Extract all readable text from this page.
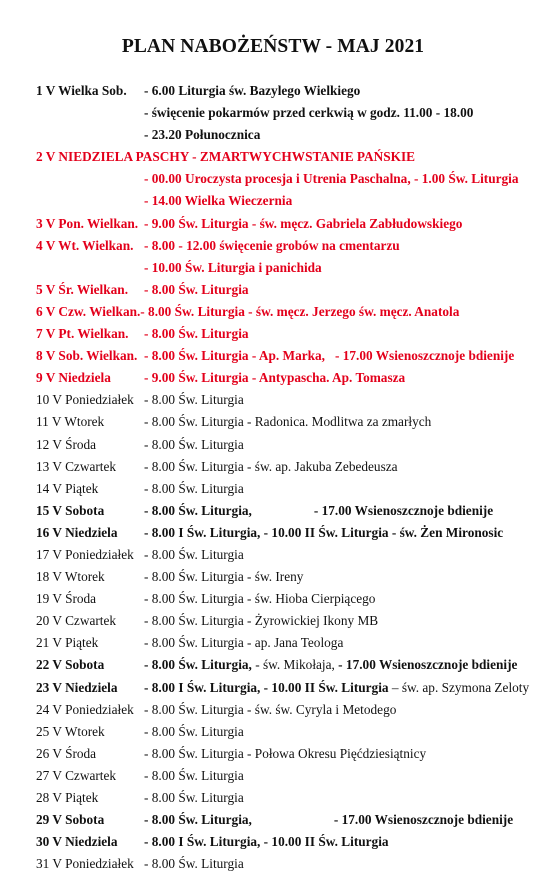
PLAN NABOŻEŃSTW - MAJ 2021
1 V Wielka Sob. - 6.00 Liturgia św. Bazylego Wielkiego
- święcenie pokarmów przed cerkwią w godz. 11.00 - 18.00
- 23.20 Połunocznica
2 V NIEDZIELA PASCHY - ZMARTWYCHWSTANIE PAŃSKIE
- 00.00 Uroczysta procesja i Utrenia Paschalna, - 1.00 Św. Liturgia
- 14.00 Wielka Wieczernia
3 V Pon. Wielkan. - 9.00 Św. Liturgia - św. męcz. Gabriela Zabłudowskiego
4 V Wt. Wielkan. - 8.00 - 12.00 święcenie grobów na cmentarzu
- 10.00 Św. Liturgia i panichida
5 V Śr. Wielkan. - 8.00 Św. Liturgia
6 V Czw. Wielkan.- 8.00 Św. Liturgia - św. męcz. Jerzego św. męcz. Anatola
7 V Pt. Wielkan. - 8.00 Św. Liturgia
8 V Sob. Wielkan. - 8.00 Św. Liturgia - Ap. Marka, - 17.00 Wsienoszcznoje bdienije
9 V Niedziela - 9.00 Św. Liturgia - Antypascha. Ap. Tomasza
10 V Poniedziałek - 8.00 Św. Liturgia
11 V Wtorek	- 8.00 Św. Liturgia - Radonica. Modlitwa za zmarłych
12 V Środa	- 8.00 Św. Liturgia
13 V Czwartek - 8.00 Św. Liturgia - św. ap. Jakuba Zebedeusza
14 V Piątek	- 8.00 Św. Liturgia
15 V Sobota	- 8.00 Św. Liturgia,	- 17.00 Wsienoszcznoje bdienije
16 V Niedziela - 8.00 I Św. Liturgia, - 10.00 II Św. Liturgia - św. Żen Mironosic
17 V Poniedziałek - 8.00 Św. Liturgia
18 V Wtorek	- 8.00 Św. Liturgia - św. Ireny
19 V Środa	- 8.00 Św. Liturgia - św. Hioba Cierpiącego
20 V Czwartek - 8.00 Św. Liturgia - Żyrowickiej Ikony MB
21 V Piątek	- 8.00 Św. Liturgia - ap. Jana Teologa
22 V Sobota	- 8.00 Św. Liturgia, - św. Mikołaja, - 17.00 Wsienoszcznoje bdienije
23 V Niedziela - 8.00 I Św. Liturgia, - 10.00 II Św. Liturgia – św. ap. Szymona Zeloty
24 V Poniedziałek - 8.00 Św. Liturgia - św. św. Cyryla i Metodego
25 V Wtorek	- 8.00 Św. Liturgia
26 V Środa	- 8.00 Św. Liturgia - Połowa Okresu Pięćdziesiątnicy
27 V Czwartek - 8.00 Św. Liturgia
28 V Piątek	- 8.00 Św. Liturgia
29 V Sobota	- 8.00 Św. Liturgia,	- 17.00 Wsienoszcznoje bdienije
30 V Niedziela - 8.00 I Św. Liturgia, - 10.00 II Św. Liturgia
31 V Poniedziałek - 8.00 Św. Liturgia
